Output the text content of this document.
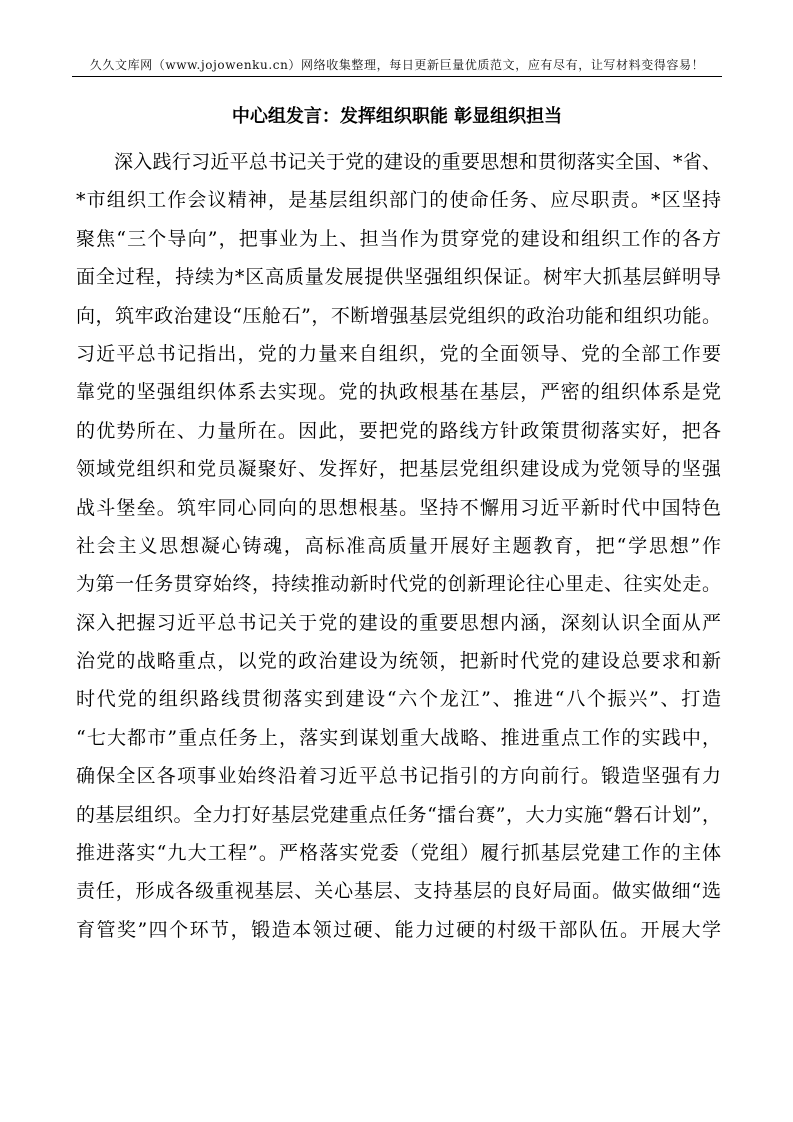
久久文库网（www.jojowenku.cn）网络收集整理，每日更新巨量优质范文，应有尽有，让写材料变得容易！
中心组发言：发挥组织职能 彰显组织担当
深入践行习近平总书记关于党的建设的重要思想和贯彻落实全国、*省、
*市组织工作会议精神，是基层组织部门的使命任务、应尽职责。*区坚持
聚焦“三个导向”，把事业为上、担当作为贯穿党的建设和组织工作的各方
面全过程，持续为*区高质量发展提供坚强组织保证。树牢大抓基层鲜明导
向，筑牢政治建设“压舱石”，不断增强基层党组织的政治功能和组织功能。
习近平总书记指出，党的力量来自组织，党的全面领导、党的全部工作要
靠党的坚强组织体系去实现。党的执政根基在基层，严密的组织体系是党
的优势所在、力量所在。因此，要把党的路线方针政策贯彻落实好，把各
领域党组织和党员凝聚好、发挥好，把基层党组织建设成为党领导的坚强
战斗堡垒。筑牢同心同向的思想根基。坚持不懈用习近平新时代中国特色
社会主义思想凝心铸魂，高标准高质量开展好主题教育，把“学思想”作
为第一任务贯穿始终，持续推动新时代党的创新理论往心里走、往实处走。
深入把握习近平总书记关于党的建设的重要思想内涵，深刻认识全面从严
治党的战略重点，以党的政治建设为统领，把新时代党的建设总要求和新
时代党的组织路线贯彻落实到建设“六个龙江”、推进“八个振兴”、打造
“七大都市”重点任务上，落实到谋划重大战略、推进重点工作的实践中，
确保全区各项事业始终沿着习近平总书记指引的方向前行。锻造坚强有力
的基层组织。全力打好基层党建重点任务“擂台赛”，大力实施“磐石计划”，
推进落实“九大工程”。严格落实党委（党组）履行抓基层党建工作的主体
责任，形成各级重视基层、关心基层、支持基层的良好局面。做实做细“选
育管奖”四个环节，锻造本领过硬、能力过硬的村级干部队伍。开展大学
